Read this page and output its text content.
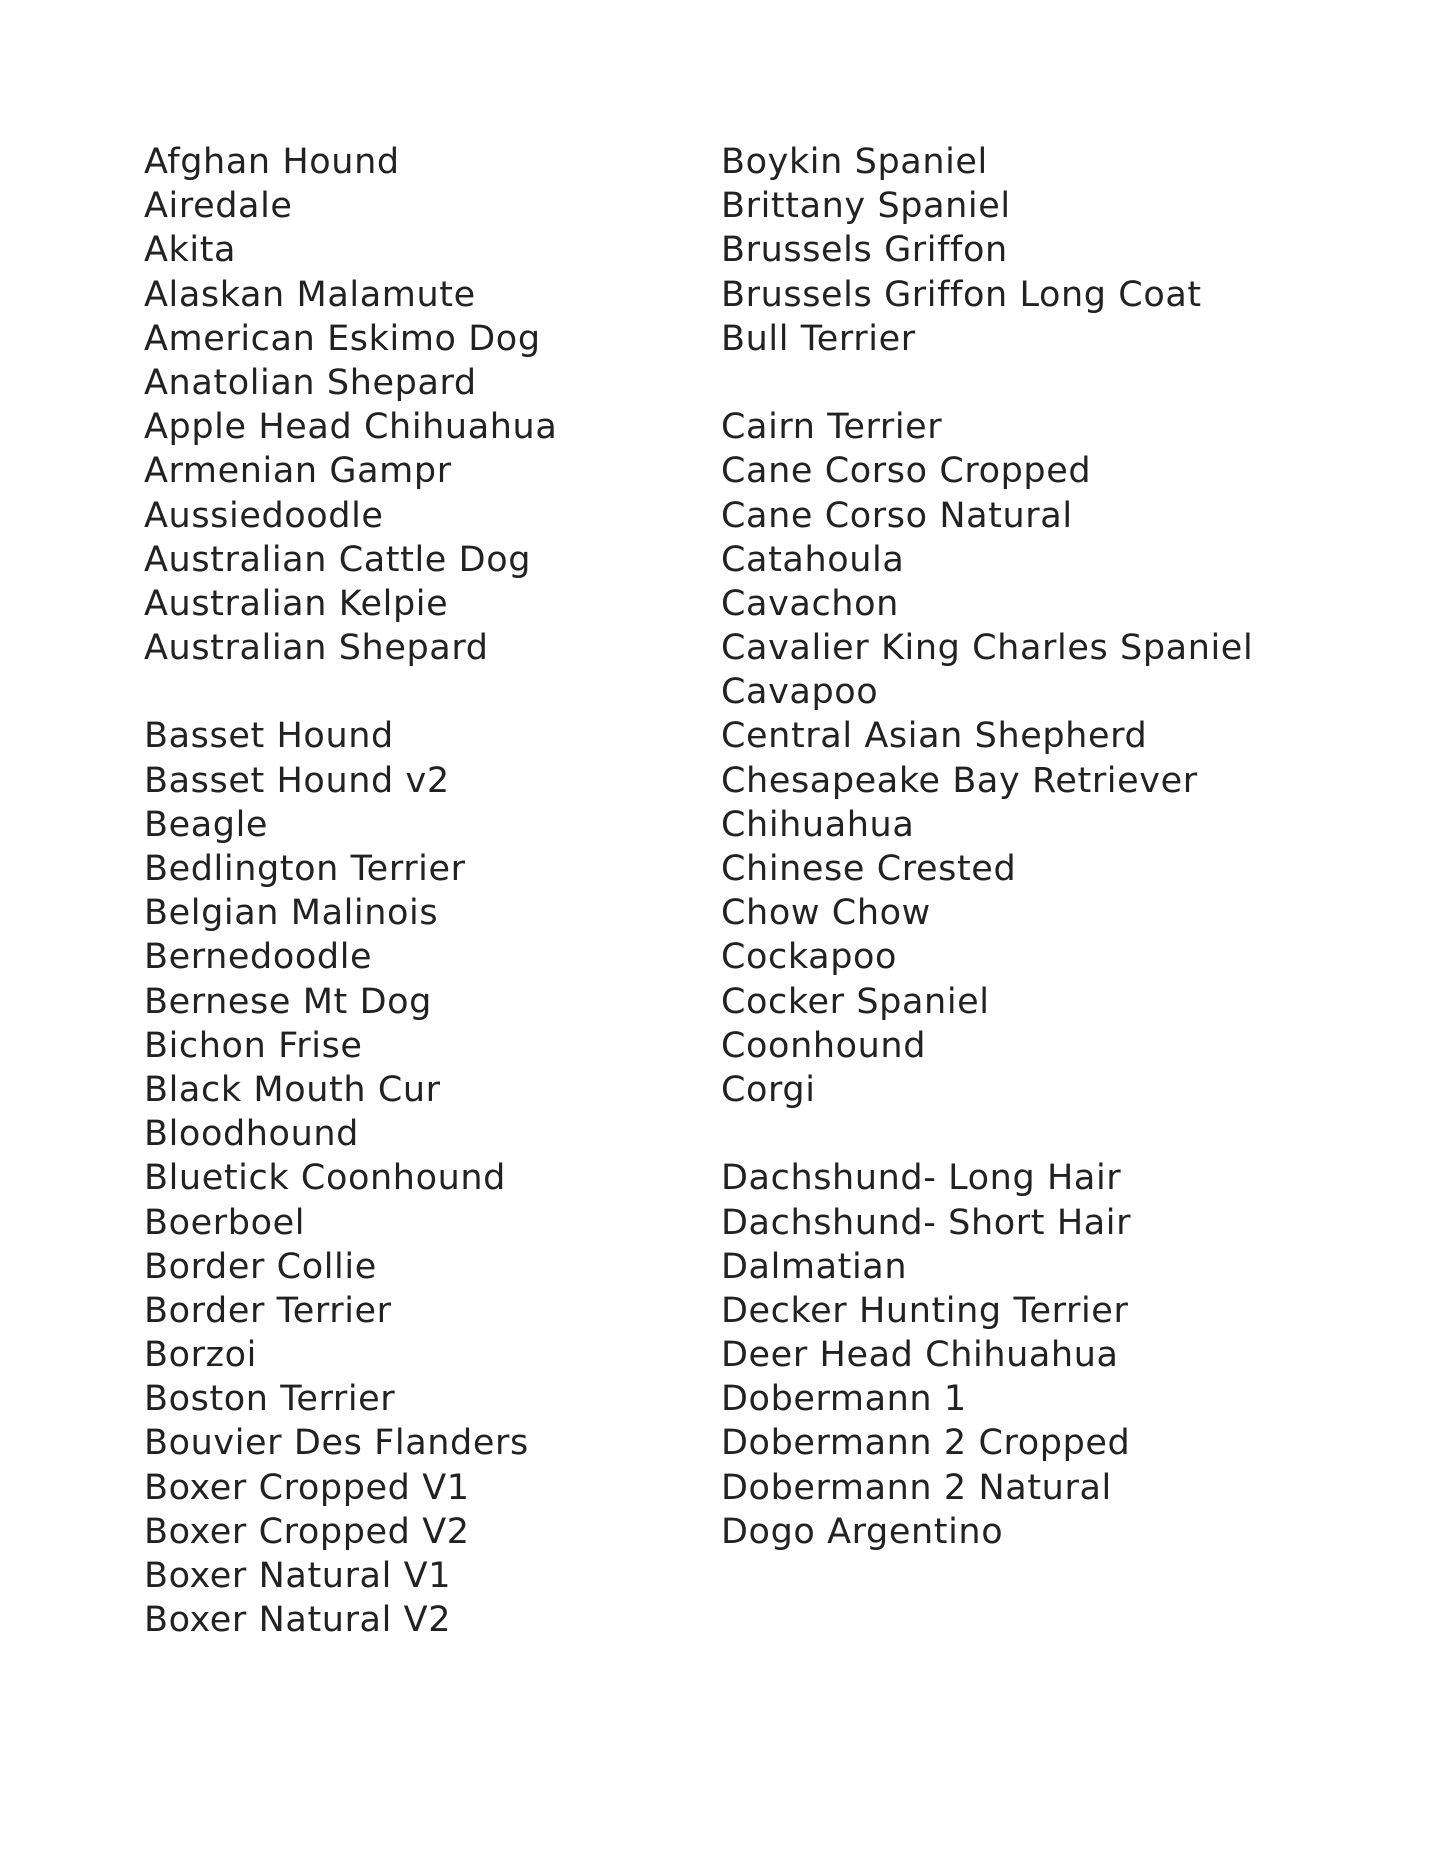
Afghan Hound
Airedale
Akita
Alaskan Malamute
American Eskimo Dog
Anatolian Shepard
Apple Head Chihuahua
Armenian Gampr
Aussiedoodle
Australian Cattle Dog
Australian Kelpie
Australian Shepard
Basset Hound
Basset Hound v2
Beagle
Bedlington Terrier
Belgian Malinois
Bernedoodle
Bernese Mt Dog
Bichon Frise
Black Mouth Cur
Bloodhound
Bluetick Coonhound
Boerboel
Border Collie
Border Terrier
Borzoi
Boston Terrier
Bouvier Des Flanders
Boxer Cropped V1
Boxer Cropped V2
Boxer Natural V1
Boxer Natural V2
Boykin Spaniel
Brittany Spaniel
Brussels Griffon
Brussels Griffon Long Coat
Bull Terrier
Cairn Terrier
Cane Corso Cropped
Cane Corso Natural
Catahoula
Cavachon
Cavalier King Charles Spaniel
Cavapoo
Central Asian Shepherd
Chesapeake Bay Retriever
Chihuahua
Chinese Crested
Chow Chow
Cockapoo
Cocker Spaniel
Coonhound
Corgi
Dachshund- Long Hair
Dachshund- Short Hair
Dalmatian
Decker Hunting Terrier
Deer Head Chihuahua
Dobermann 1
Dobermann 2 Cropped
Dobermann 2 Natural
Dogo Argentino
